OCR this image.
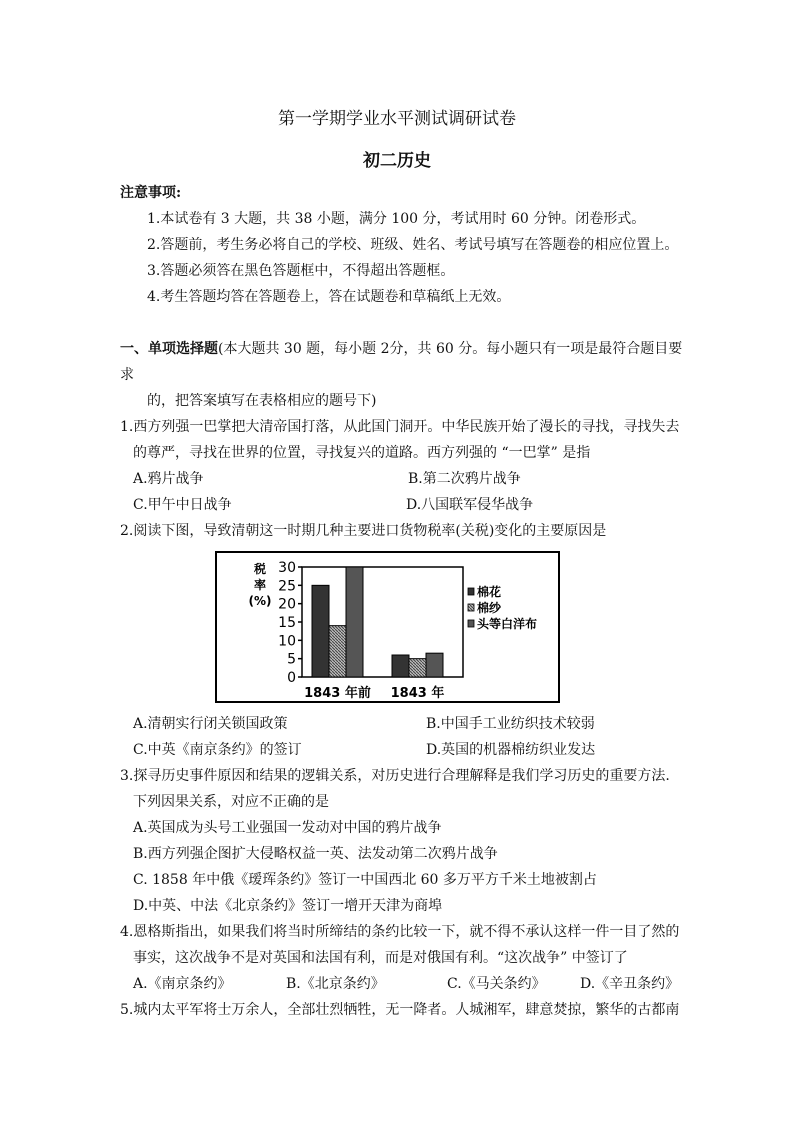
第一学期学业水平测试调研试卷
初二历史
注意事项:
1.本试卷有 3 大题，共 38 小题，满分 100 分，考试用时 60 分钟。闭卷形式。
2.答题前，考生务必将自己的学校、班级、姓名、考试号填写在答题卷的相应位置上。
3.答题必须答在黑色答题框中，不得超出答题框。
4.考生答题均答在答题卷上，答在试题卷和草稿纸上无效。
一、单项选择题(本大题共 30 题，每小题 2分，共 60 分。每小题只有一项是最符合题目要
求
的，把答案填写在表格相应的题号下)
1.西方列强一巴掌把大清帝国打落，从此国门洞开。中华民族开始了漫长的寻找，寻找失去
的尊严，寻找在世界的位置，寻找复兴的道路。西方列强的 “一巴掌” 是指
A.鸦片战争	B.第二次鸦片战争
C.甲午中日战争	D.八国联军侵华战争
2.阅读下图，导致清朝这一时期几种主要进口货物税率(关税)变化的主要原因是
税
率
(%)
0
5
10
15
20
25
30
1843 年前 1843 年
棉花
棉纱
头等白洋布
A.清朝实行闭关锁国政策	B.中国手工业纺织技术较弱
C.中英《南京条约》的签订	D.英国的机器棉纺织业发达
3.探寻历史事件原因和结果的逻辑关系，对历史进行合理解释是我们学习历史的重要方法.
下列因果关系，对应不正确的是
A.英国成为头号工业强国一发动对中国的鸦片战争
B.西方列强企图扩大侵略权益一英、法发动第二次鸦片战争
C. 1858 年中俄《瑷珲条约》签订一中国西北 60 多万平方千米土地被割占
D.中英、中法《北京条约》签订一增开天津为商埠
4.恩格斯指出，如果我们将当时所缔结的条约比较一下，就不得不承认这样一件一目了然的
事实，这次战争不是对英国和法国有利，而是对俄国有利。“这次战争” 中签订了
A.《南京条约》	B.《北京条约》	C.《马关条约》 D.《辛丑条约》
5.城内太平军将士万余人，全部壮烈牺牲，无一降者。人城湘军，肆意焚掠，繁华的古都南
